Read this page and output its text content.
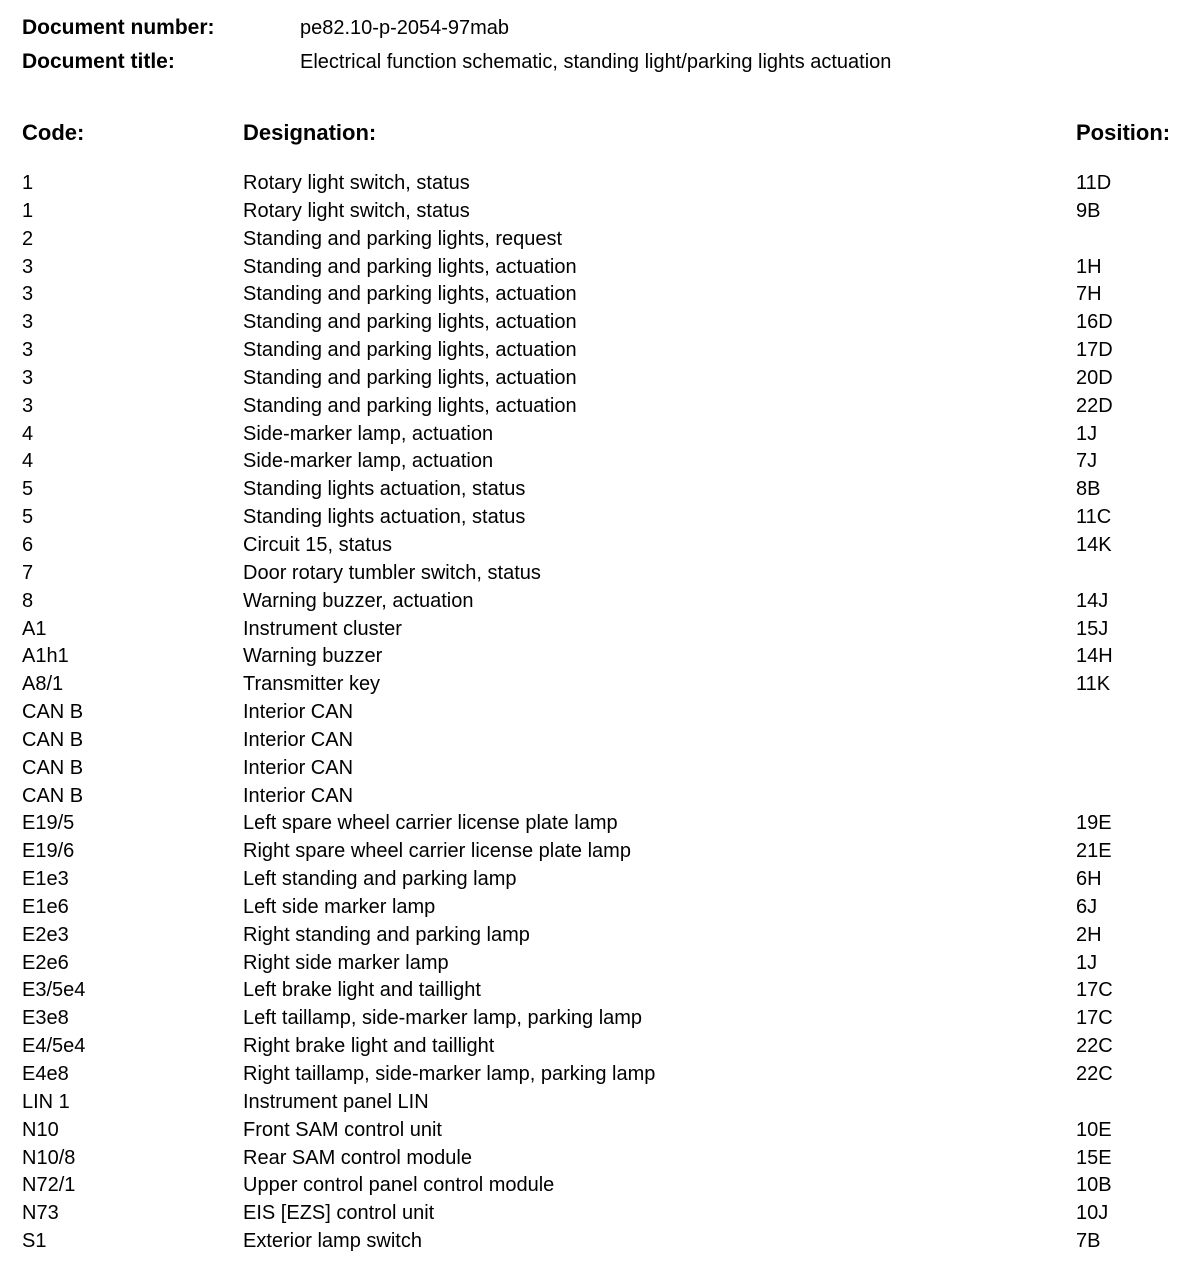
Document number:	pe82.10-p-2054-97mab
Document title:	Electrical function schematic, standing light/parking lights actuation
Code:	Designation:	Position:
1	Rotary light switch, status	11D
1	Rotary light switch, status	9B
2	Standing and parking lights, request
3	Standing and parking lights, actuation	1H
3	Standing and parking lights, actuation	7H
3	Standing and parking lights, actuation	16D
3	Standing and parking lights, actuation	17D
3	Standing and parking lights, actuation	20D
3	Standing and parking lights, actuation	22D
4	Side-marker lamp, actuation	1J
4	Side-marker lamp, actuation	7J
5	Standing lights actuation, status	8B
5	Standing lights actuation, status	11C
6	Circuit 15, status	14K
7	Door rotary tumbler switch, status
8	Warning buzzer, actuation	14J
A1	Instrument cluster	15J
A1h1	Warning buzzer	14H
A8/1	Transmitter key	11K
CAN B	Interior CAN
CAN B	Interior CAN
CAN B	Interior CAN
CAN B	Interior CAN
E19/5	Left spare wheel carrier license plate lamp	19E
E19/6	Right spare wheel carrier license plate lamp	21E
E1e3	Left standing and parking lamp	6H
E1e6	Left side marker lamp	6J
E2e3	Right standing and parking lamp	2H
E2e6	Right side marker lamp	1J
E3/5e4	Left brake light and taillight	17C
E3e8	Left taillamp, side-marker lamp, parking lamp	17C
E4/5e4	Right brake light and taillight	22C
E4e8	Right taillamp, side-marker lamp, parking lamp	22C
LIN 1	Instrument panel LIN
N10	Front SAM control unit	10E
N10/8	Rear SAM control module	15E
N72/1	Upper control panel control module	10B
N73	EIS [EZS] control unit	10J
S1	Exterior lamp switch	7B
